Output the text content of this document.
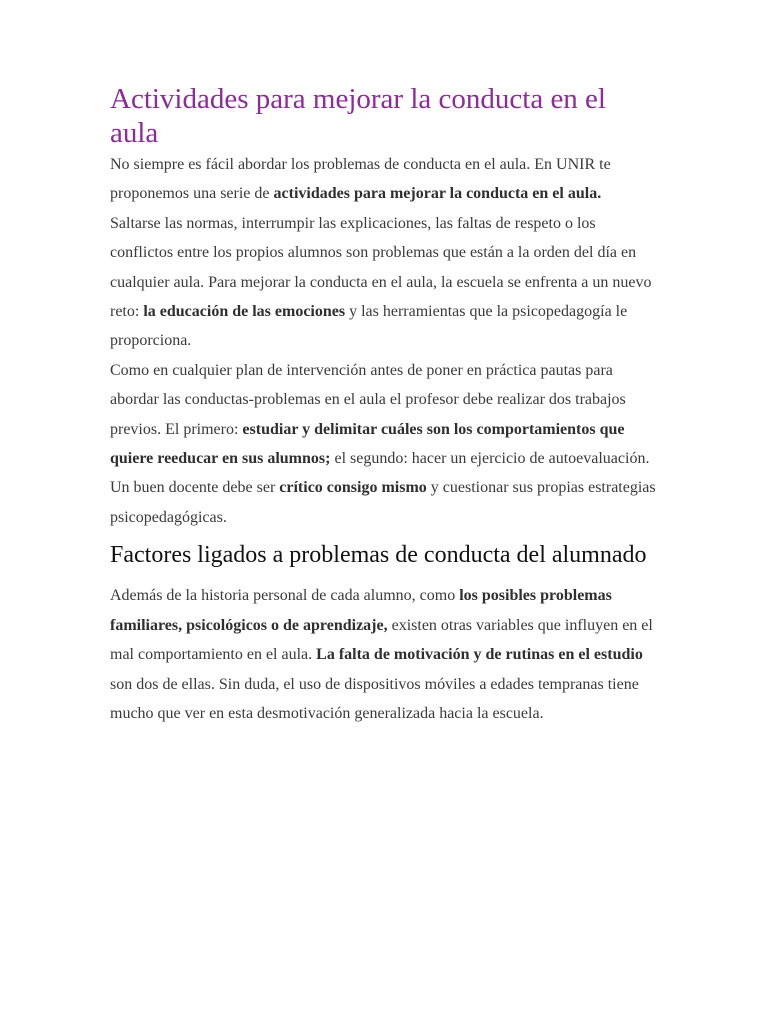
Actividades para mejorar la conducta en el aula

No siempre es fácil abordar los problemas de conducta en el aula. En UNIR te proponemos una serie de actividades para mejorar la conducta en el aula.

Saltarse las normas, interrumpir las explicaciones, las faltas de respeto o los conflictos entre los propios alumnos son problemas que están a la orden del día en cualquier aula. Para mejorar la conducta en el aula, la escuela se enfrenta a un nuevo reto: la educación de las emociones y las herramientas que la psicopedagogía le proporciona.

Como en cualquier plan de intervención antes de poner en práctica pautas para abordar las conductas-problemas en el aula el profesor debe realizar dos trabajos previos. El primero: estudiar y delimitar cuáles son los comportamientos que quiere reeducar en sus alumnos; el segundo: hacer un ejercicio de autoevaluación. Un buen docente debe ser crítico consigo mismo y cuestionar sus propias estrategias psicopedagógicas.

Factores ligados a problemas de conducta del alumnado

Además de la historia personal de cada alumno, como los posibles problemas familiares, psicológicos o de aprendizaje, existen otras variables que influyen en el mal comportamiento en el aula. La falta de motivación y de rutinas en el estudio son dos de ellas. Sin duda, el uso de dispositivos móviles a edades tempranas tiene mucho que ver en esta desmotivación generalizada hacia la escuela.
